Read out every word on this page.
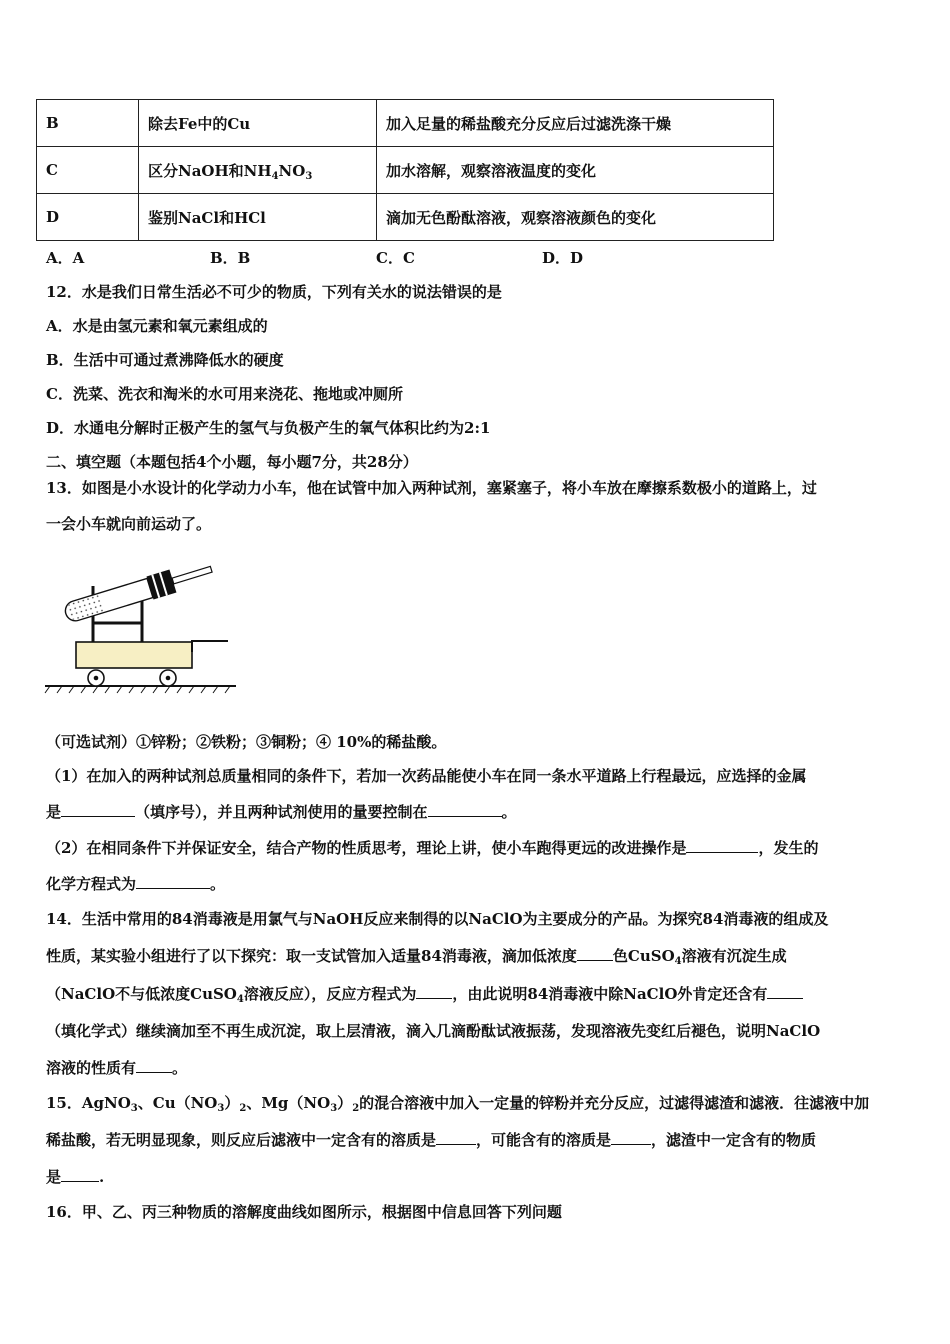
B	除去Fe中的Cu	加入足量的稀盐酸充分反应后过滤洗涤干燥
C	区分NaOH和$NH_4NO_3$	加水溶解，观察溶液温度的变化
D	鉴别NaCl和HCl	滴加无色酚酞溶液，观察溶液颜色的变化
A．A	B．B	C．C	D．D
12．水是我们日常生活必不可少的物质，下列有关水的说法错误的是
A．水是由氢元素和氧元素组成的
B．生活中可通过煮沸降低水的硬度
C．洗菜、洗衣和淘米的水可用来浇花、拖地或冲厕所
D．水通电分解时正极产生的氢气与负极产生的氧气体积比约为2:1
二、填空题（本题包括4个小题，每小题7分，共28分）
13．如图是小水设计的化学动力小车，他在试管中加入两种试剂，塞紧塞子，将小车放在摩擦系数极小的道路上，过
一会小车就向前运动了。
（可选试剂）①锌粉；②铁粉；③铜粉；④ 10%的稀盐酸。
（1）在加入的两种试剂总质量相同的条件下，若加一次药品能使小车在同一条水平道路上行程最远，应选择的金属
是	（填序号），并且两种试剂使用的量要控制在	。
（2）在相同条件下并保证安全，结合产物的性质思考，理论上讲，使小车跑得更远的改进操作是	，发生的
化学方程式为	。
14．生活中常用的84消毒液是用氯气与NaOH反应来制得的以NaClO为主要成分的产品。为探究84消毒液的组成及
性质，某实验小组进行了以下探究：取一支试管加入适量84消毒液，滴加低浓度 色CuSO$_4$溶液有沉淀生成
（NaClO不与低浓度CuSO$_4$溶液反应），反应方程式为 ，由此说明84消毒液中除NaClO外肯定还含有
（填化学式）继续滴加至不再生成沉淀，取上层清液，滴入几滴酚酞试液振荡，发现溶液先变红后褪色，说明NaClO
溶液的性质有 。
15．AgNO$_3$、$Cu(NO_3)_2$、$Mg(NO_3)_2$的混合溶液中加入一定量的锌粉并充分反应，过滤得滤渣和滤液．往滤液中加
稀盐酸，若无明显现象，则反应后滤液中一定含有的溶质是	，可能含有的溶质是	，滤渣中一定含有的物质
是	.
16．甲、乙、丙三种物质的溶解度曲线如图所示，根据图中信息回答下列问题
